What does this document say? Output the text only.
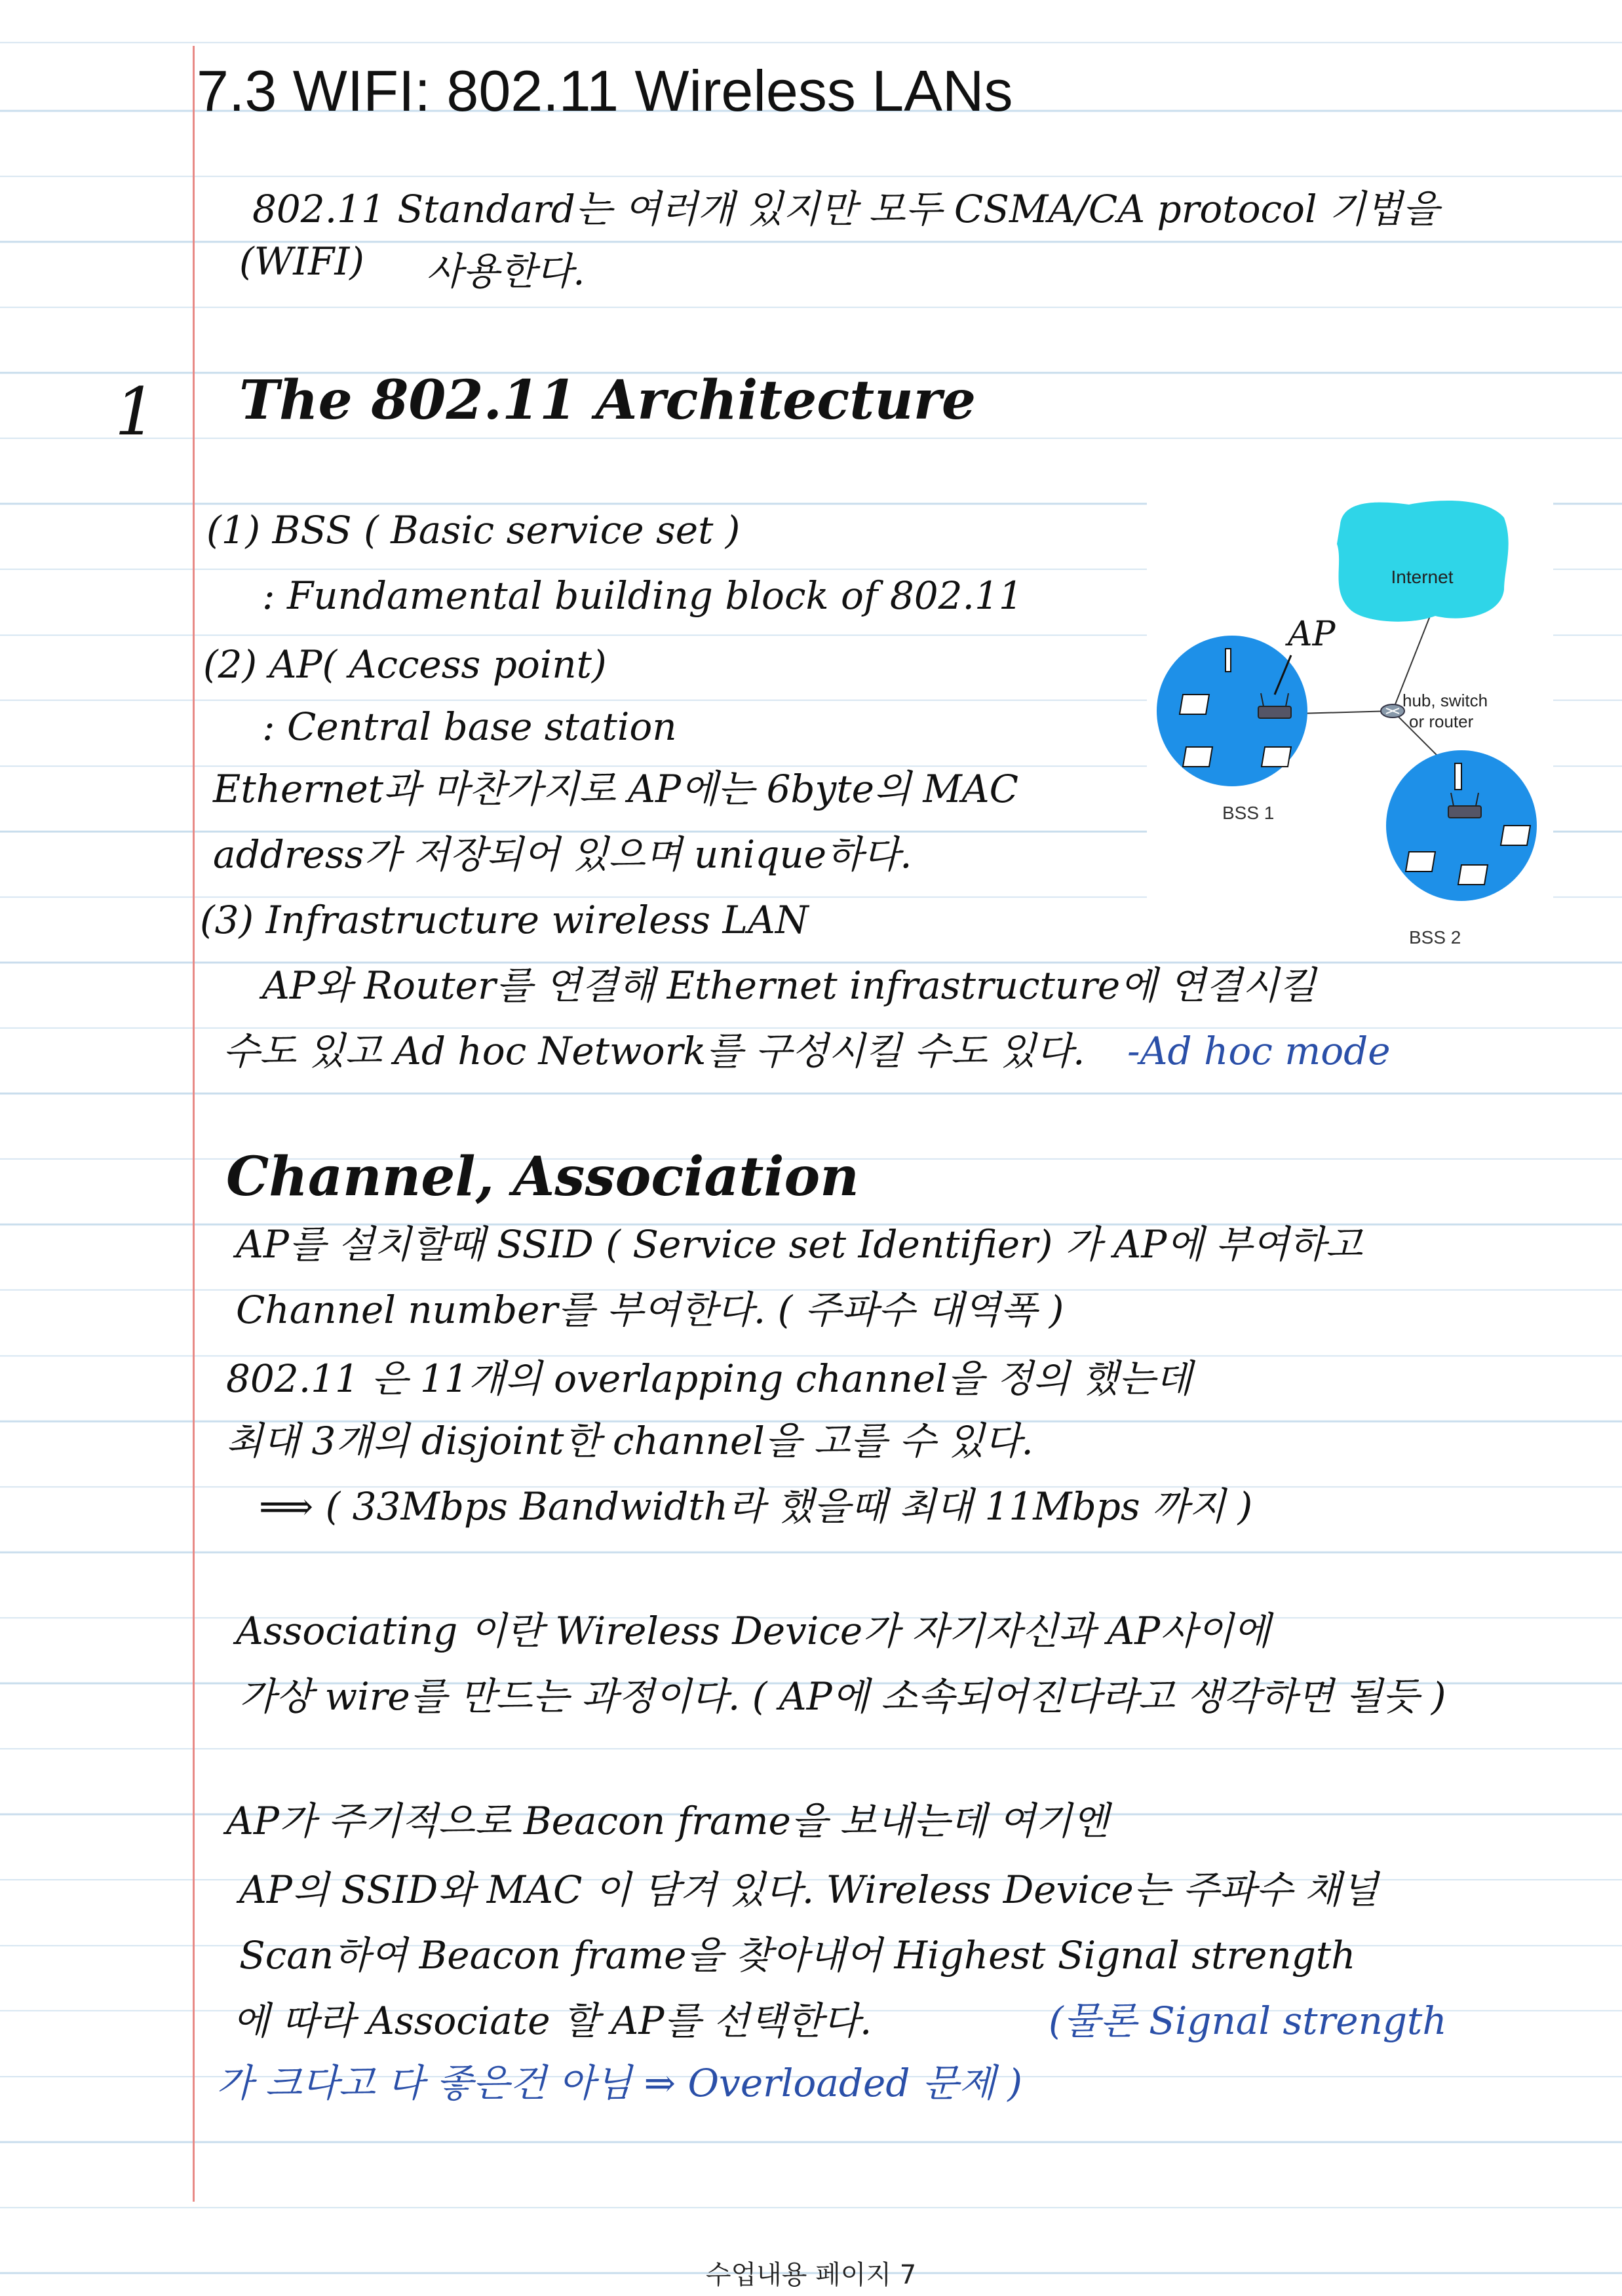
7.3 WIFI: 802.11 Wireless LANs
802.11 Standard는 여러개 있지만 모두 CSMA/CA protocol 기법을
(WIFI) 사용한다.
1 The 802.11 Architecture
(1) BSS ( Basic service set )
: Fundamental building block of 802.11
(2) AP( Access point)
: Central base station
Ethernet과 마찬가지로 AP에는 6byte의 MAC
address가 저장되어 있으며 unique하다.
(3) Infrastructure wireless LAN
AP와 Router를 연결해 Ethernet infrastructure에 연결시킬
수도 있고 Ad hoc Network를 구성시킬 수도 있다. -Ad hoc mode
Internet
hub, switch
or router
AP
BSS 1
BSS 2
Channel, Association
AP를 설치할때 SSID ( Service set Identifier) 가 AP에 부여하고
Channel number를 부여한다. ( 주파수 대역폭 )
802.11 은 11개의 overlapping channel을 정의 했는데
최대 3개의 disjoint한 channel을 고를 수 있다.
⟹ ( 33Mbps Bandwidth라 했을때 최대 11Mbps 까지 )
Associating 이란 Wireless Device가 자기자신과 AP사이에
가상 wire를 만드는 과정이다. ( AP에 소속되어진다라고 생각하면 될듯 )
AP가 주기적으로 Beacon frame을 보내는데 여기엔
AP의 SSID와 MAC 이 담겨 있다. Wireless Device는 주파수 채널
Scan하여 Beacon frame을 찾아내어 Highest Signal strength
에 따라 Associate 할 AP를 선택한다.	(물론 Signal strength
가 크다고 다 좋은건 아님 ⇒ Overloaded 문제 )
수업내용 페이지 7
